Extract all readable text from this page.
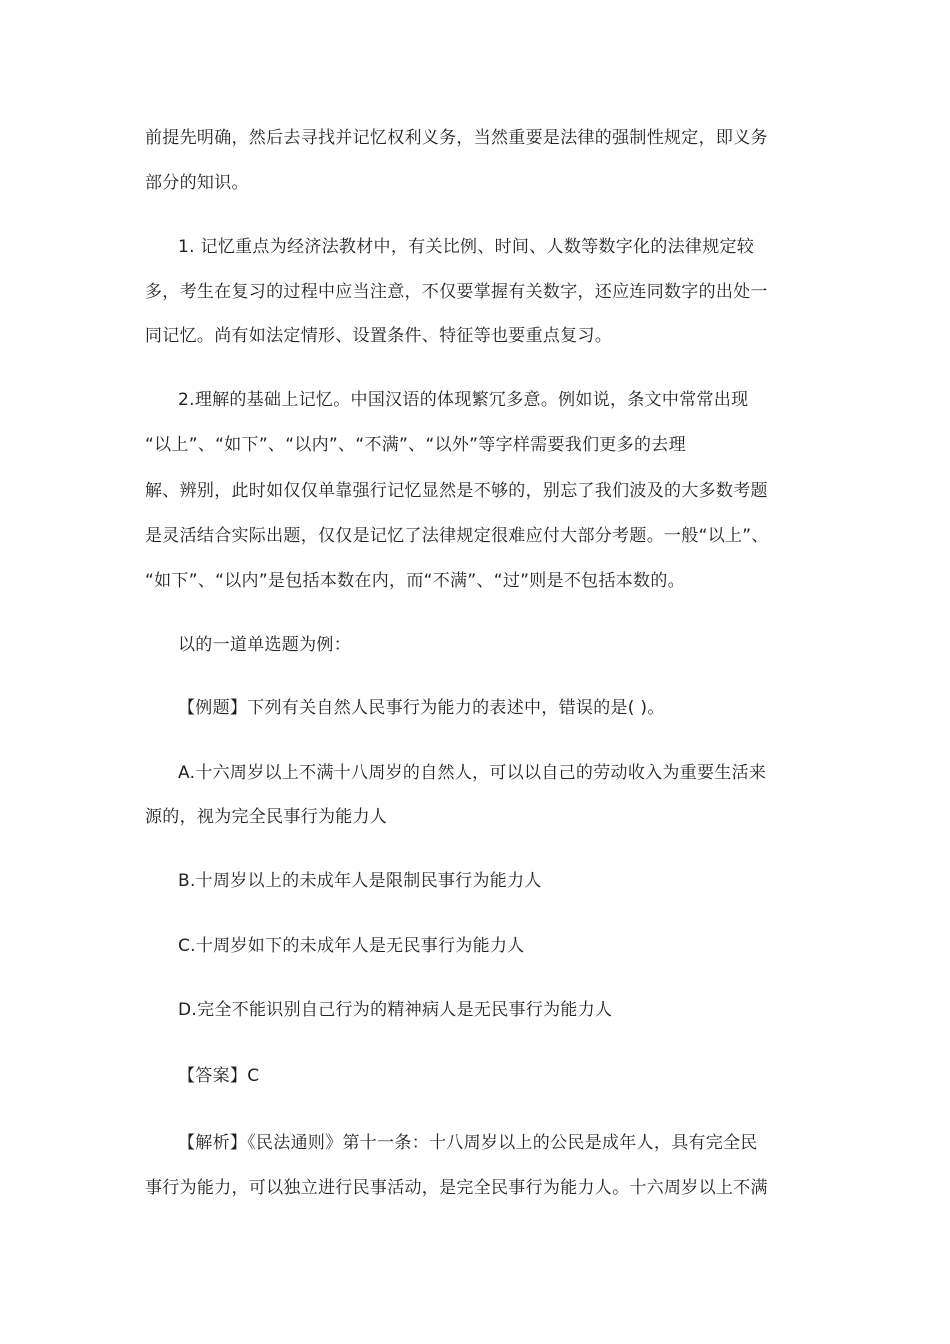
前提先明确，然后去寻找并记忆权利义务，当然重要是法律的强制性规定，即义务
部分的知识。
1. 记忆重点为经济法教材中，有关比例、时间、人数等数字化的法律规定较
多，考生在复习的过程中应当注意，不仅要掌握有关数字，还应连同数字的出处一
同记忆。尚有如法定情形、设置条件、特征等也要重点复习。
2.理解的基础上记忆。中国汉语的体现繁冗多意。例如说，条文中常常出现
“以上”、“如下”、“以内”、“不满”、“以外”等字样需要我们更多的去理
解、辨别，此时如仅仅单靠强行记忆显然是不够的，别忘了我们波及的大多数考题
是灵活结合实际出题，仅仅是记忆了法律规定很难应付大部分考题。一般“以上”、
“如下”、“以内”是包括本数在内，而“不满”、“过”则是不包括本数的。
以的一道单选题为例：
【例题】下列有关自然人民事行为能力的表述中，错误的是( )。
A.十六周岁以上不满十八周岁的自然人，可以以自己的劳动收入为重要生活来
源的，视为完全民事行为能力人
B.十周岁以上的未成年人是限制民事行为能力人
C.十周岁如下的未成年人是无民事行为能力人
D.完全不能识别自己行为的精神病人是无民事行为能力人
【答案】C
【解析】《民法通则》第十一条：十八周岁以上的公民是成年人，具有完全民
事行为能力，可以独立进行民事活动，是完全民事行为能力人。十六周岁以上不满
